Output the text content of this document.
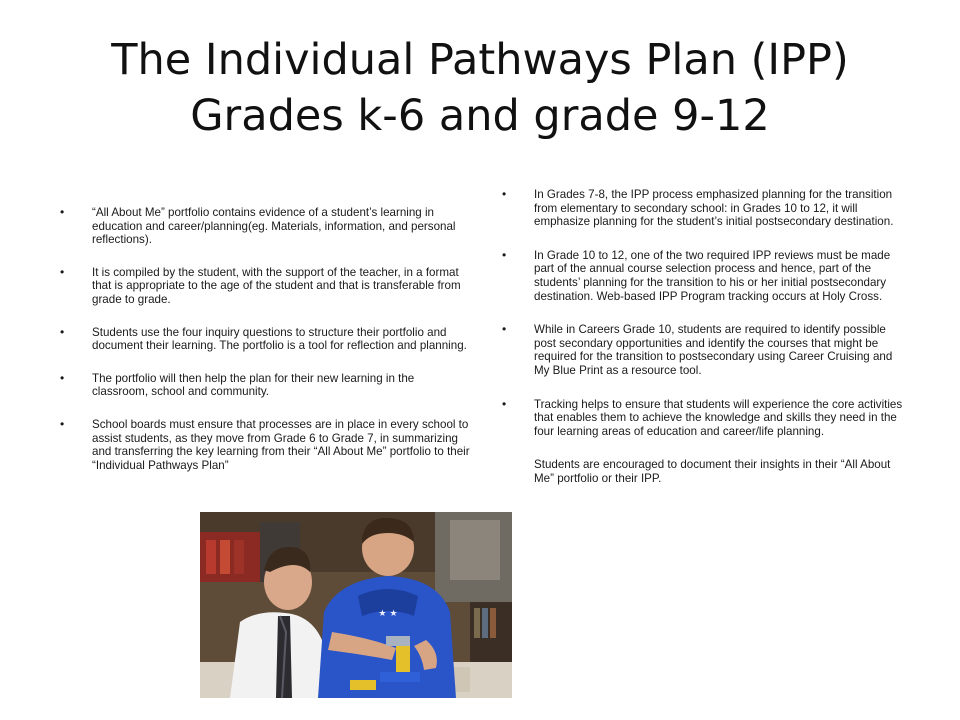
The Individual Pathways Plan (IPP)
Grades k-6 and grade 9-12
• “All About Me” portfolio contains evidence of a student’s learning in education and career/planning(eg. Materials, information, and personal reflections).
• It is compiled by the student, with the support of the teacher, in a format that is appropriate to the age of the student and that is transferable from grade to grade.
• Students use the four inquiry questions to structure their portfolio and document their learning. The portfolio is a tool for reflection and planning.
• The portfolio will then help the plan for their new learning in the classroom, school and community.
• School boards must ensure that processes are in place in every school to assist students, as they move from Grade 6 to Grade 7, in summarizing and transferring the key learning from their “All About Me” portfolio to their “Individual Pathways Plan”
• In Grades 7-8, the IPP process emphasized planning for the transition from elementary to secondary school: in Grades 10 to 12, it will emphasize planning for the student’s initial postsecondary destination.
• In Grade 10 to 12, one of the two required IPP reviews must be made part of the annual course selection process and hence, part of the students’ planning for the transition to his or her initial postsecondary destination. Web-based IPP Program tracking occurs at Holy Cross.
• While in Careers Grade 10, students are required to identify possible post secondary opportunities and identify the courses that might be required for the transition to postsecondary using Career Cruising and My Blue Print as a resource tool.
• Tracking helps to ensure that students will experience the core activities that enables them to achieve the knowledge and skills they need in the four learning areas of education and career/life planning.
Students are encouraged to document their insights in their “All About Me” portfolio or their IPP.
★ ★
